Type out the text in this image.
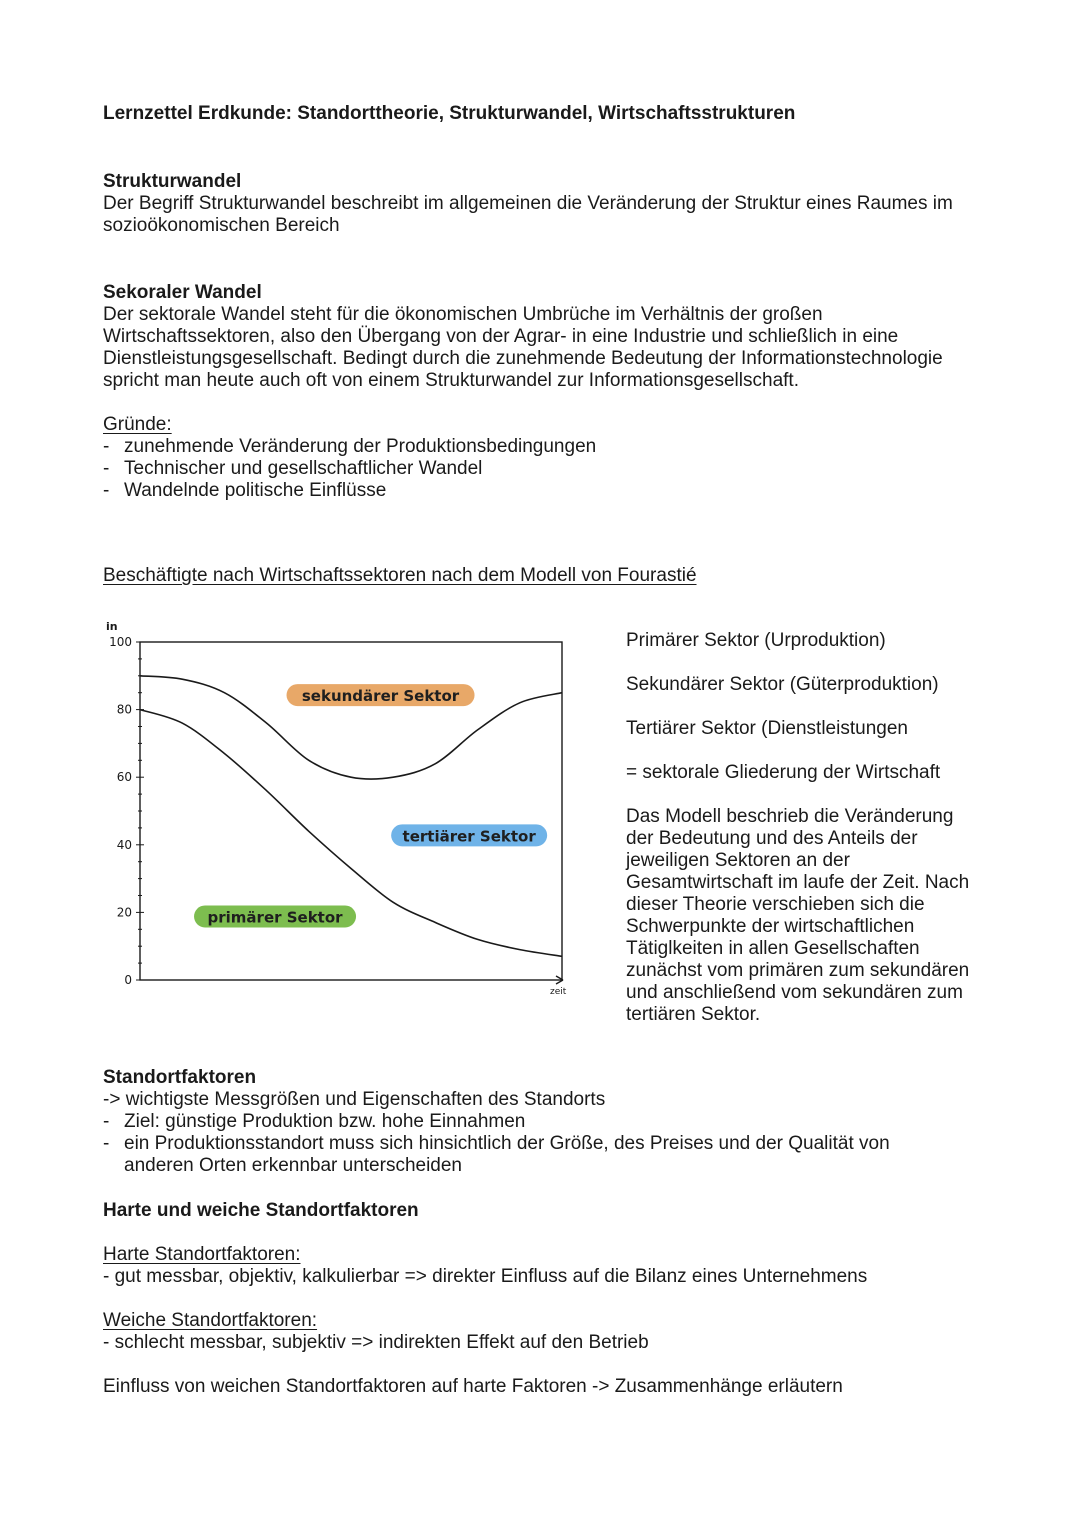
Lernzettel Erdkunde: Standorttheorie, Strukturwandel, Wirtschaftsstrukturen
Strukturwandel

Der Begriff Strukturwandel beschreibt im allgemeinen die Veränderung der Struktur eines Raumes im sozioökonomischen Bereich

Sekoraler Wandel

Der sektorale Wandel steht für die ökonomischen Umbrüche im Verhältnis der großen Wirtschaftssektoren, also den Übergang von der Agrar- in eine Industrie und schließlich in eine Dienstleistungsgesellschaft. Bedingt durch die zunehmende Bedeutung der Informationstechnologie spricht man heute auch oft von einem Strukturwandel zur Informationsgesellschaft.

Gründe:

- zunehmende Veränderung der Produktionsbedingungen
- Technischer und gesellschaftlicher Wandel
- Wandelnde politische Einflüsse
Beschäftigte nach Wirtschaftssektoren nach dem Modell von Fourastié
0
20
40
60
80
100
in
zeit
sekundärer Sektor
tertiärer Sektor
primärer Sektor

Primärer Sektor (Urproduktion)

Sekundärer Sektor (Güterproduktion)

Tertiärer Sektor (Dienstleistungen

= sektorale Gliederung der Wirtschaft

Das Modell beschrieb die Veränderung der Bedeutung und des Anteils der jeweiligen Sektoren an der Gesamtwirtschaft im laufe der Zeit. Nach dieser Theorie verschieben sich die Schwerpunkte der wirtschaftlichen Tätiglkeiten in allen Gesellschaften zunächst vom primären zum sekundären und anschließend vom sekundären zum tertiären Sektor.

Standortfaktoren

-> wichtigste Messgrößen und Eigenschaften des Standorts

- Ziel: günstige Produktion bzw. hohe Einnahmen
- ein Produktionsstandort muss sich hinsichtlich der Größe, des Preises und der Qualität von anderen Orten erkennbar unterscheiden
Harte und weiche Standortfaktoren

Harte Standortfaktoren:

- gut messbar, objektiv, kalkulierbar => direkter Einfluss auf die Bilanz eines Unternehmens

Weiche Standortfaktoren:

- schlecht messbar, subjektiv => indirekten Effekt auf den Betrieb

Einfluss von weichen Standortfaktoren auf harte Faktoren -> Zusammenhänge erläutern
